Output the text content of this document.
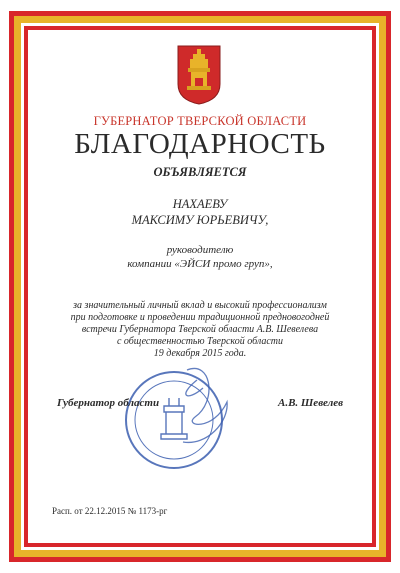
ГУБЕРНАТОР ТВЕРСКОЙ ОБЛАСТИ
БЛАГОДАРНОСТЬ
ОБЪЯВЛЯЕТСЯ
НАХАЕВУ
МАКСИМУ ЮРЬЕВИЧУ,
руководителю
компании «ЭЙСИ промо груп»,
за значительный личный вклад и высокий профессионализм
при подготовке и проведении традиционной предновогодней
встречи Губернатора Тверской области А.В. Шевелева
с общественностью Тверской области
19 декабря 2015 года.
Губернатор области	А.В. Шевелев
Расп. от 22.12.2015 № 1173-рг
